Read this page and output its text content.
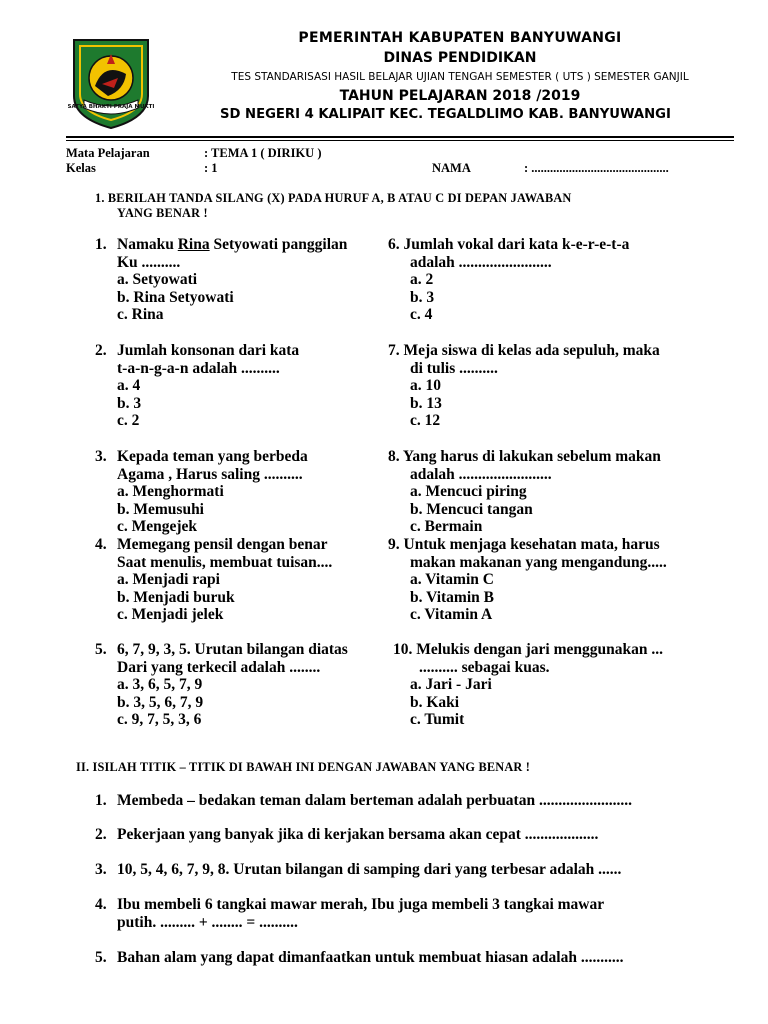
SATYA BHAKTI PRAJA MUKTI
PEMERINTAH KABUPATEN BANYUWANGI
DINAS PENDIDIKAN
TES STANDARISASI HASIL BELAJAR UJIAN TENGAH SEMESTER ( UTS ) SEMESTER GANJIL
TAHUN PELAJARAN 2018 /2019
SD NEGERI 4 KALIPAIT KEC. TEGALDLIMO KAB. BANYUWANGI
Mata Pelajaran	: TEMA 1 ( DIRIKU )
Kelas	: 1	NAMA	: ............................................
1. BERILAH TANDA SILANG (X) PADA HURUF A, B ATAU C DI DEPAN JAWABAN
YANG BENAR !
1. Namaku Rina Setyowati panggilan
Ku ..........
a. Setyowati
b. Rina Setyowati
c. Rina
2. Jumlah konsonan dari kata
t-a-n-g-a-n adalah ..........
a. 4
b. 3
c. 2
3. Kepada teman yang berbeda
Agama , Harus saling ..........
a. Menghormati
b. Memusuhi
c. Mengejek
4. Memegang pensil dengan benar
Saat menulis, membuat tuisan....
a. Menjadi rapi
b. Menjadi buruk
c. Menjadi jelek
5. 6, 7, 9, 3, 5. Urutan bilangan diatas
Dari yang terkecil adalah ........
a. 3, 6, 5, 7, 9
b. 3, 5, 6, 7, 9
c. 9, 7, 5, 3, 6
6. Jumlah vokal dari kata k-e-r-e-t-a
adalah ........................
a. 2
b. 3
c. 4
7. Meja siswa di kelas ada sepuluh, maka
di tulis ..........
a. 10
b. 13
c. 12
8. Yang harus di lakukan sebelum makan
adalah ........................
a. Mencuci piring
b. Mencuci tangan
c. Bermain
9. Untuk menjaga kesehatan mata, harus
makan makanan yang mengandung.....
a. Vitamin C
b. Vitamin B
c. Vitamin A
10. Melukis dengan jari menggunakan ...
.......... sebagai kuas.
a. Jari - Jari
b. Kaki
c. Tumit
II. ISILAH TITIK – TITIK DI BAWAH INI DENGAN JAWABAN YANG BENAR !
1. Membeda – bedakan teman dalam berteman adalah perbuatan ........................
2. Pekerjaan yang banyak jika di kerjakan bersama akan cepat ...................
3. 10, 5, 4, 6, 7, 9, 8. Urutan bilangan di samping dari yang terbesar adalah ......
4. Ibu membeli 6 tangkai mawar merah, Ibu juga membeli 3 tangkai mawar
putih. ......... + ........ = ..........
5. Bahan alam yang dapat dimanfaatkan untuk membuat hiasan adalah ...........
